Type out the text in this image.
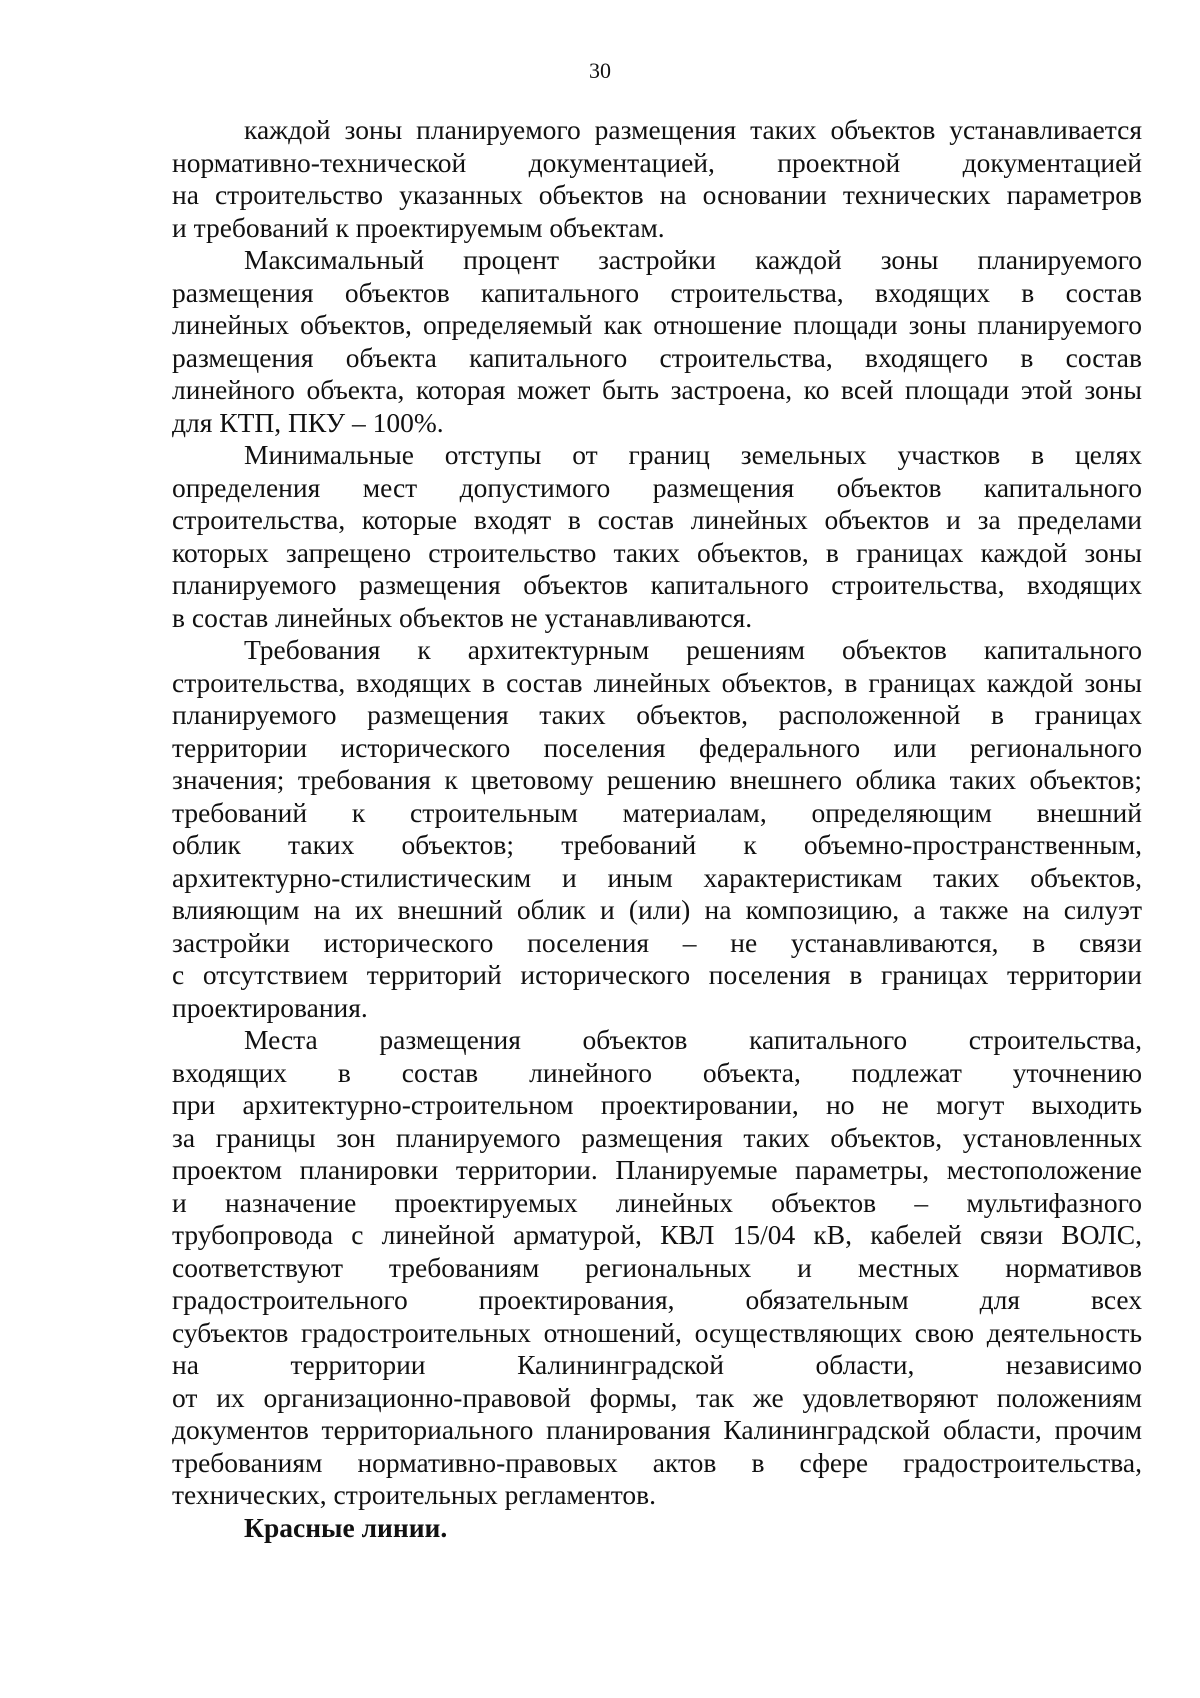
30
каждой зоны планируемого размещения таких объектов устанавливается
нормативно-технической документацией, проектной документацией
на строительство указанных объектов на основании технических параметров
и требований к проектируемым объектам.
Максимальный процент застройки каждой зоны планируемого
размещения объектов капитального строительства, входящих в состав
линейных объектов, определяемый как отношение площади зоны планируемого
размещения объекта капитального строительства, входящего в состав
линейного объекта, которая может быть застроена, ко всей площади этой зоны
для КТП, ПКУ – 100%.
Минимальные отступы от границ земельных участков в целях
определения мест допустимого размещения объектов капитального
строительства, которые входят в состав линейных объектов и за пределами
которых запрещено строительство таких объектов, в границах каждой зоны
планируемого размещения объектов капитального строительства, входящих
в состав линейных объектов не устанавливаются.
Требования к архитектурным решениям объектов капитального
строительства, входящих в состав линейных объектов, в границах каждой зоны
планируемого размещения таких объектов, расположенной в границах
территории исторического поселения федерального или регионального
значения; требования к цветовому решению внешнего облика таких объектов;
требований к строительным материалам, определяющим внешний
облик таких объектов; требований к объемно-пространственным,
архитектурно-стилистическим и иным характеристикам таких объектов,
влияющим на их внешний облик и (или) на композицию, а также на силуэт
застройки исторического поселения – не устанавливаются, в связи
с отсутствием территорий исторического поселения в границах территории
проектирования.
Места размещения объектов капитального строительства,
входящих в состав линейного объекта, подлежат уточнению
при архитектурно-строительном проектировании, но не могут выходить
за границы зон планируемого размещения таких объектов, установленных
проектом планировки территории. Планируемые параметры, местоположение
и назначение проектируемых линейных объектов – мультифазного
трубопровода с линейной арматурой, КВЛ 15/04 кВ, кабелей связи ВОЛС,
соответствуют требованиям региональных и местных нормативов
градостроительного проектирования, обязательным для всех
субъектов градостроительных отношений, осуществляющих свою деятельность
на территории Калининградской области, независимо
от их организационно-правовой формы, так же удовлетворяют положениям
документов территориального планирования Калининградской области, прочим
требованиям нормативно-правовых актов в сфере градостроительства,
технических, строительных регламентов.
Красные линии.
